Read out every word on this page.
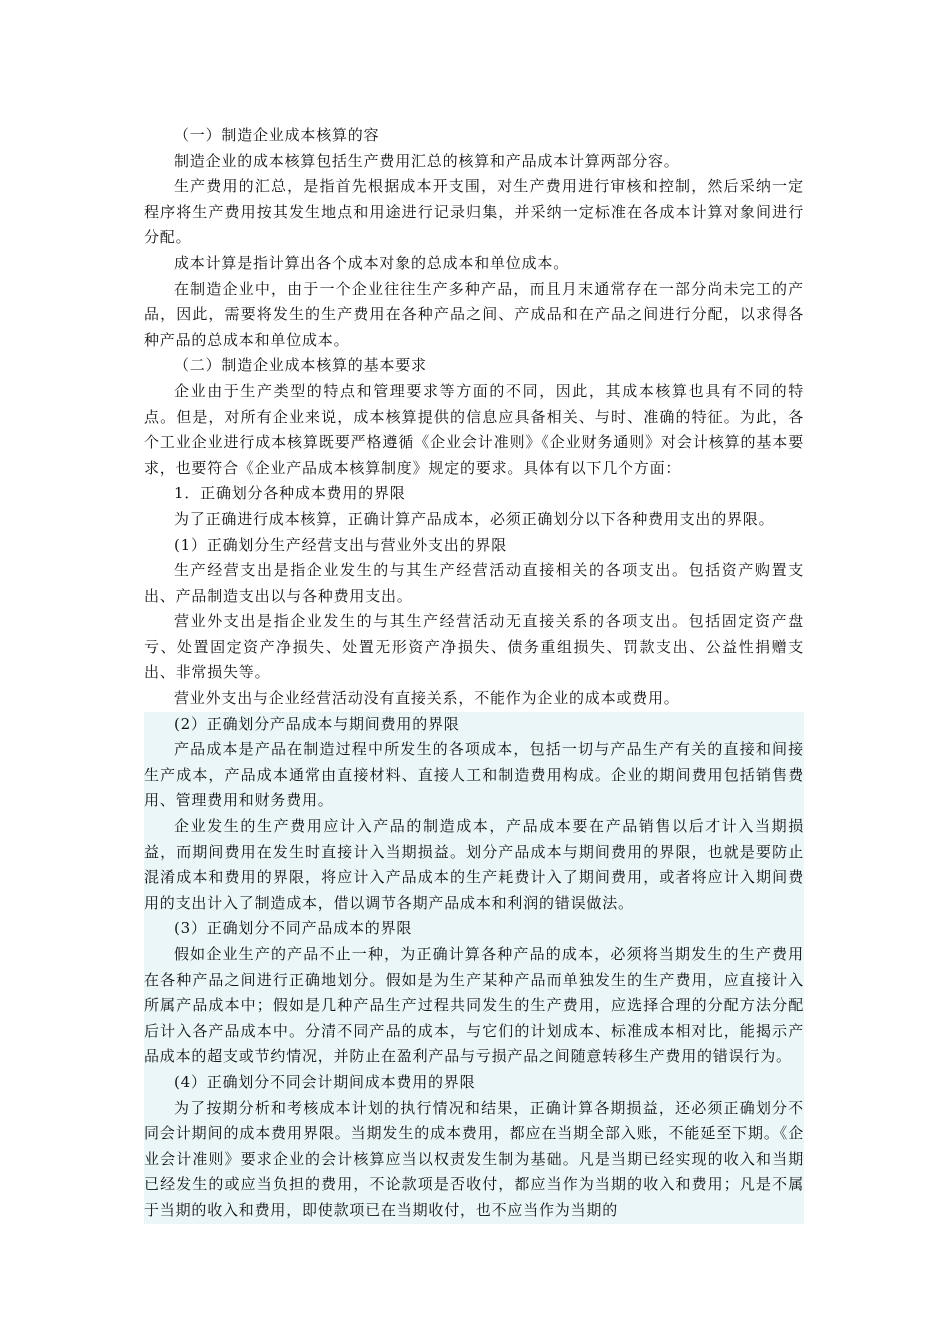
（一）制造企业成本核算的容

制造企业的成本核算包括生产费用汇总的核算和产品成本计算两部分容。

生产费用的汇总，是指首先根据成本开支围，对生产费用进行审核和控制，然后采纳一定程序将生产费用按其发生地点和用途进行记录归集，并采纳一定标准在各成本计算对象间进行分配。

成本计算是指计算出各个成本对象的总成本和单位成本。

在制造企业中，由于一个企业往往生产多种产品，而且月末通常存在一部分尚未完工的产品，因此，需要将发生的生产费用在各种产品之间、产成品和在产品之间进行分配，以求得各种产品的总成本和单位成本。

（二）制造企业成本核算的基本要求

企业由于生产类型的特点和管理要求等方面的不同，因此，其成本核算也具有不同的特点。但是，对所有企业来说，成本核算提供的信息应具备相关、与时、准确的特征。为此，各个工业企业进行成本核算既要严格遵循《企业会计准则》《企业财务通则》对会计核算的基本要求，也要符合《企业产品成本核算制度》规定的要求。具体有以下几个方面：

1．正确划分各种成本费用的界限

为了正确进行成本核算，正确计算产品成本，必须正确划分以下各种费用支出的界限。

(1）正确划分生产经营支出与营业外支出的界限

生产经营支出是指企业发生的与其生产经营活动直接相关的各项支出。包括资产购置支出、产品制造支出以与各种费用支出。

营业外支出是指企业发生的与其生产经营活动无直接关系的各项支出。包括固定资产盘亏、处置固定资产净损失、处置无形资产净损失、债务重组损失、罚款支出、公益性捐赠支出、非常损失等。

营业外支出与企业经营活动没有直接关系，不能作为企业的成本或费用。

(2）正确划分产品成本与期间费用的界限

产品成本是产品在制造过程中所发生的各项成本，包括一切与产品生产有关的直接和间接生产成本，产品成本通常由直接材料、直接人工和制造费用构成。企业的期间费用包括销售费用、管理费用和财务费用。

企业发生的生产费用应计入产品的制造成本，产品成本要在产品销售以后才计入当期损益，而期间费用在发生时直接计入当期损益。划分产品成本与期间费用的界限，也就是要防止混淆成本和费用的界限，将应计入产品成本的生产耗费计入了期间费用，或者将应计入期间费用的支出计入了制造成本，借以调节各期产品成本和利润的错误做法。

(3）正确划分不同产品成本的界限

假如企业生产的产品不止一种，为正确计算各种产品的成本，必须将当期发生的生产费用在各种产品之间进行正确地划分。假如是为生产某种产品而单独发生的生产费用，应直接计入所属产品成本中；假如是几种产品生产过程共同发生的生产费用，应选择合理的分配方法分配后计入各产品成本中。分清不同产品的成本，与它们的计划成本、标准成本相对比，能揭示产品成本的超支或节约情况，并防止在盈利产品与亏损产品之间随意转移生产费用的错误行为。

(4）正确划分不同会计期间成本费用的界限

为了按期分析和考核成本计划的执行情况和结果，正确计算各期损益，还必须正确划分不同会计期间的成本费用界限。当期发生的成本费用，都应在当期全部入账，不能延至下期。《企业会计准则》要求企业的会计核算应当以权责发生制为基础。凡是当期已经实现的收入和当期已经发生的或应当负担的费用，不论款项是否收付，都应当作为当期的收入和费用；凡是不属于当期的收入和费用，即使款项已在当期收付，也不应当作为当期的
